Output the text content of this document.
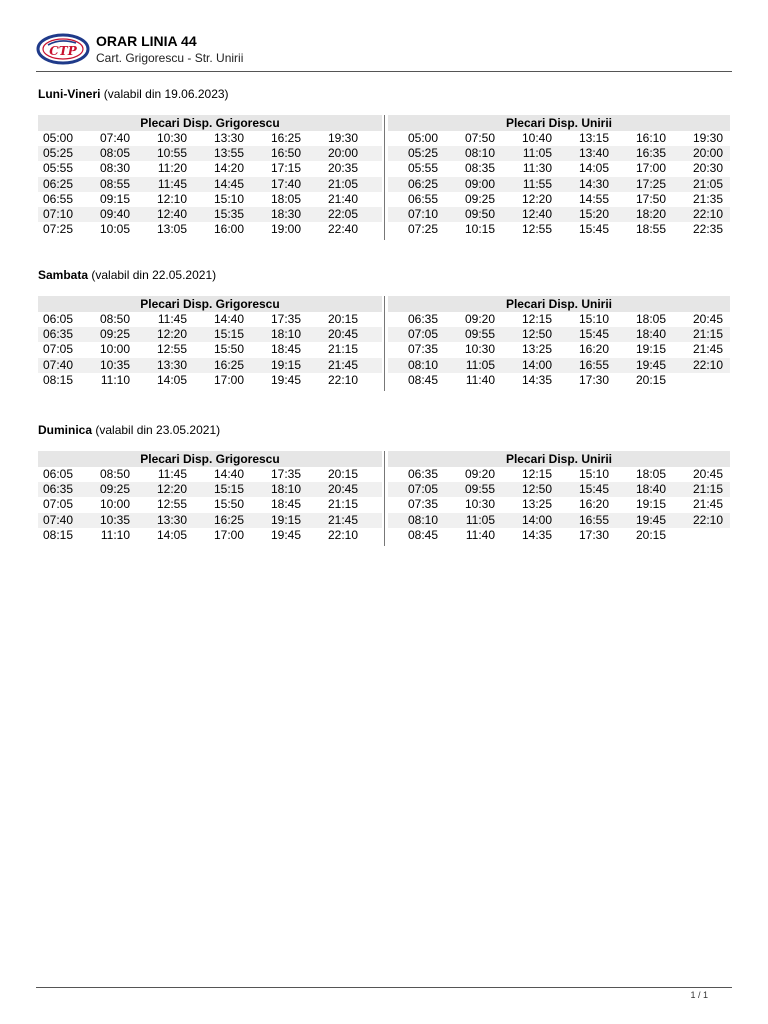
CTP
ORAR LINIA 44
Cart. Grigorescu - Str. Unirii
Luni-Vineri (valabil din 19.06.2023)
Plecari Disp. Grigorescu
05:00	07:40	10:30	13:30	16:25	19:30
05:25	08:05	10:55	13:55	16:50	20:00
05:55	08:30	11:20	14:20	17:15	20:35
06:25	08:55	11:45	14:45	17:40	21:05
06:55	09:15	12:10	15:10	18:05	21:40
07:10	09:40	12:40	15:35	18:30	22:05
07:25	10:05	13:05	16:00	19:00	22:40
Plecari Disp. Unirii
05:00	07:50	10:40	13:15	16:10	19:30
05:25	08:10	11:05	13:40	16:35	20:00
05:55	08:35	11:30	14:05	17:00	20:30
06:25	09:00	11:55	14:30	17:25	21:05
06:55	09:25	12:20	14:55	17:50	21:35
07:10	09:50	12:40	15:20	18:20	22:10
07:25	10:15	12:55	15:45	18:55	22:35
Sambata (valabil din 22.05.2021)
Plecari Disp. Grigorescu
06:05	08:50	11:45	14:40	17:35	20:15
06:35	09:25	12:20	15:15	18:10	20:45
07:05	10:00	12:55	15:50	18:45	21:15
07:40	10:35	13:30	16:25	19:15	21:45
08:15	11:10	14:05	17:00	19:45	22:10
Plecari Disp. Unirii
06:35	09:20	12:15	15:10	18:05	20:45
07:05	09:55	12:50	15:45	18:40	21:15
07:35	10:30	13:25	16:20	19:15	21:45
08:10	11:05	14:00	16:55	19:45	22:10
08:45	11:40	14:35	17:30	20:15
Duminica (valabil din 23.05.2021)
Plecari Disp. Grigorescu
06:05	08:50	11:45	14:40	17:35	20:15
06:35	09:25	12:20	15:15	18:10	20:45
07:05	10:00	12:55	15:50	18:45	21:15
07:40	10:35	13:30	16:25	19:15	21:45
08:15	11:10	14:05	17:00	19:45	22:10
Plecari Disp. Unirii
06:35	09:20	12:15	15:10	18:05	20:45
07:05	09:55	12:50	15:45	18:40	21:15
07:35	10:30	13:25	16:20	19:15	21:45
08:10	11:05	14:00	16:55	19:45	22:10
08:45	11:40	14:35	17:30	20:15
1 / 1
